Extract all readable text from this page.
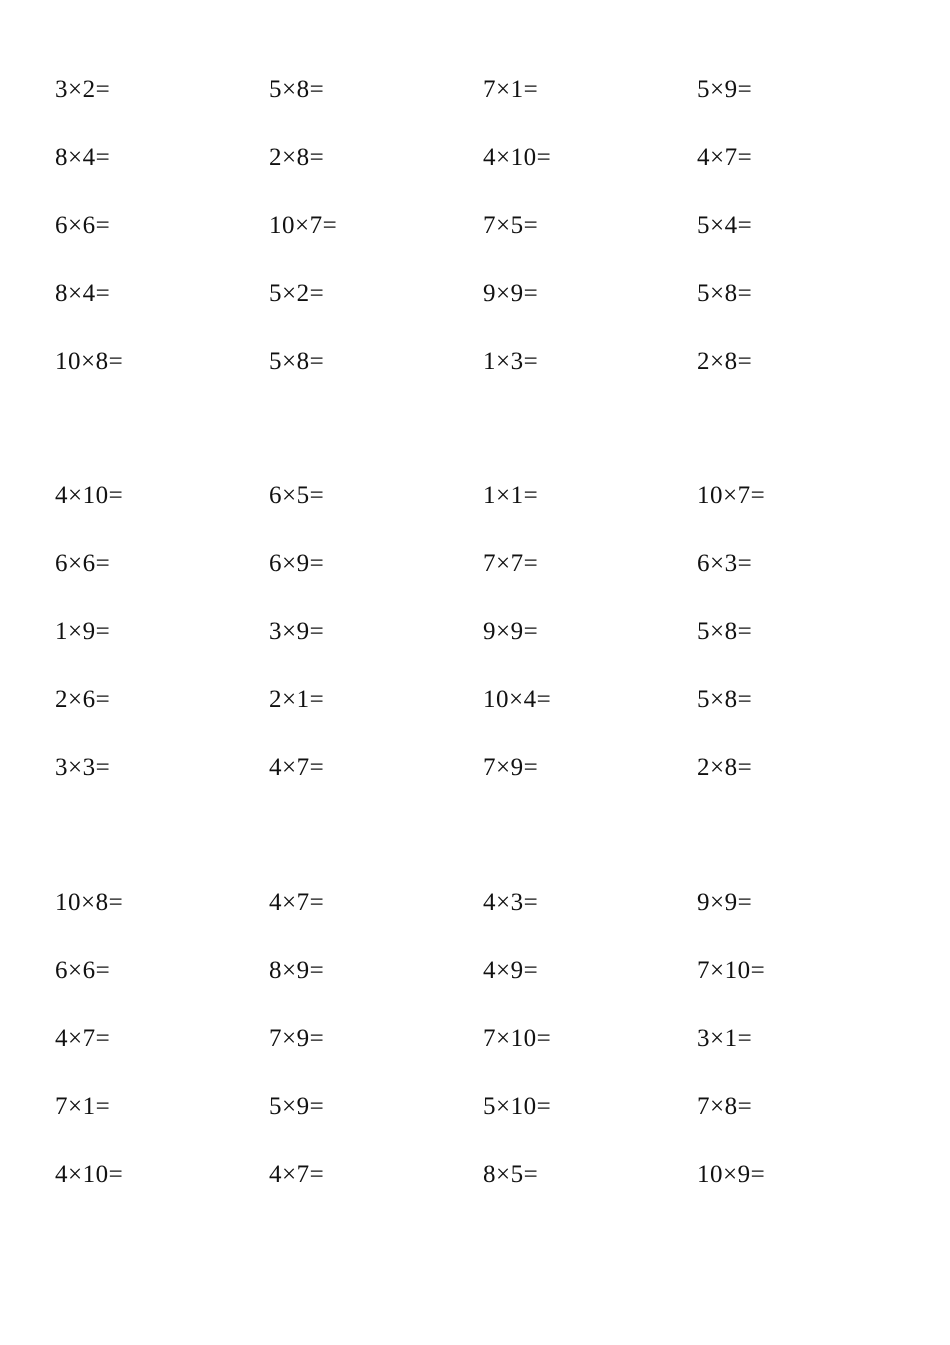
3×2=	5×8=	7×1=	5×9=
8×4=	2×8=	4×10=	4×7=
6×6=	10×7=	7×5=	5×4=
8×4=	5×2=	9×9=	5×8=
10×8=	5×8=	1×3=	2×8=
4×10=	6×5=	1×1=	10×7=
6×6=	6×9=	7×7=	6×3=
1×9=	3×9=	9×9=	5×8=
2×6=	2×1=	10×4=	5×8=
3×3=	4×7=	7×9=	2×8=
10×8=	4×7=	4×3=	9×9=
6×6=	8×9=	4×9=	7×10=
4×7=	7×9=	7×10=	3×1=
7×1=	5×9=	5×10=	7×8=
4×10=	4×7=	8×5=	10×9=
